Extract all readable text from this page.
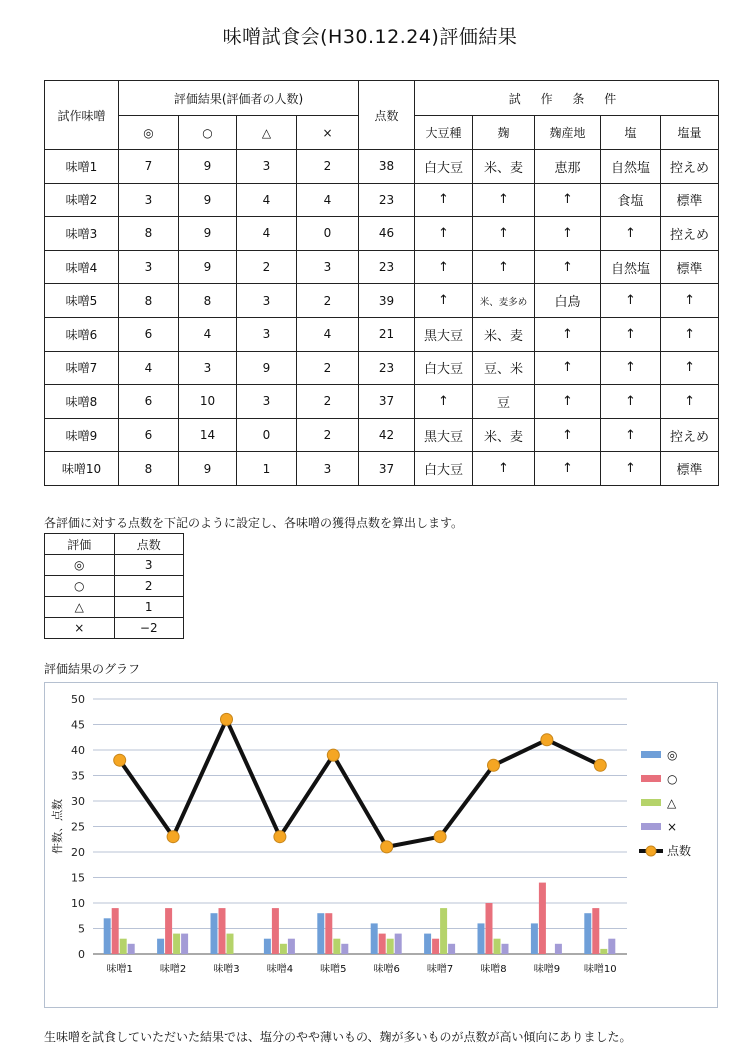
味噌試食会(H30.12.24)評価結果
試作味噌	評価結果(評価者の人数)				点数	試 作 条 件				
	◎	○	△	×		大豆種	麹	麹産地	塩	塩量
味噌1	7	9	3	2	38	白大豆	米、麦	恵那	自然塩	控えめ
味噌2	3	9	4	4	23	↑	↑	↑	食塩	標準
味噌3	8	9	4	0	46	↑	↑	↑	↑	控えめ
味噌4	3	9	2	3	23	↑	↑	↑	自然塩	標準
味噌5	8	8	3	2	39	↑	米、麦多め	白鳥	↑	↑
味噌6	6	4	3	4	21	黒大豆	米、麦	↑	↑	↑
味噌7	4	3	9	2	23	白大豆	豆、米	↑	↑	↑
味噌8	6	10	3	2	37	↑	豆	↑	↑	↑
味噌9	6	14	0	2	42	黒大豆	米、麦	↑	↑	控えめ
味噌10	8	9	1	3	37	白大豆	↑	↑	↑	標準
各評価に対する点数を下記のように設定し、各味噌の獲得点数を算出します。
評価	点数
◎	3
○	2
△	1
×	−2
評価結果のグラフ
0
5
10
15
20
25
30
35
40
45
50
件数、点数
味噌1	味噌2	味噌3	味噌4	味噌5	味噌6	味噌7	味噌8	味噌9 味噌10
◎
○
△
×
点数
生味噌を試食していただいた結果では、塩分のやや薄いもの、麹が多いものが点数が高い傾向にありました。
